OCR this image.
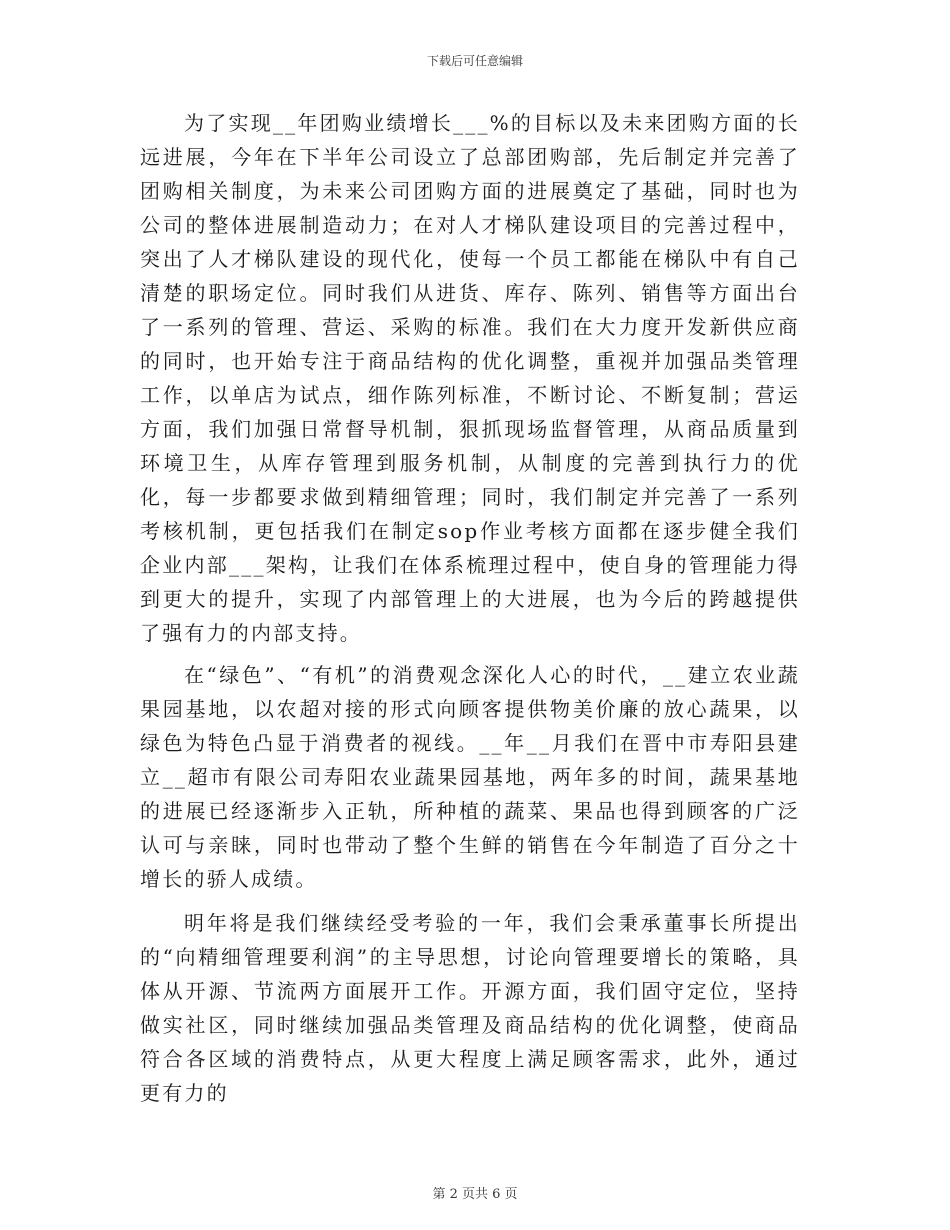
下载后可任意编辑

为了实现__年团购业绩增长___%的目标以及未来团购方面的长远进展，今年在下半年公司设立了总部团购部，先后制定并完善了团购相关制度，为未来公司团购方面的进展奠定了基础，同时也为公司的整体进展制造动力；在对人才梯队建设项目的完善过程中，突出了人才梯队建设的现代化，使每一个员工都能在梯队中有自己清楚的职场定位。同时我们从进货、库存、陈列、销售等方面出台了一系列的管理、营运、采购的标准。我们在大力度开发新供应商的同时，也开始专注于商品结构的优化调整，重视并加强品类管理工作，以单店为试点，细作陈列标准，不断讨论、不断复制；营运方面，我们加强日常督导机制，狠抓现场监督管理，从商品质量到环境卫生，从库存管理到服务机制，从制度的完善到执行力的优化，每一步都要求做到精细管理；同时，我们制定并完善了一系列考核机制，更包括我们在制定sop作业考核方面都在逐步健全我们企业内部___架构，让我们在体系梳理过程中，使自身的管理能力得到更大的提升，实现了内部管理上的大进展，也为今后的跨越提供了强有力的内部支持。

在“绿色”、“有机”的消费观念深化人心的时代，__建立农业蔬果园基地，以农超对接的形式向顾客提供物美价廉的放心蔬果，以绿色为特色凸显于消费者的视线。__年__月我们在晋中市寿阳县建立__超市有限公司寿阳农业蔬果园基地，两年多的时间，蔬果基地的进展已经逐渐步入正轨，所种植的蔬菜、果品也得到顾客的广泛认可与亲睐，同时也带动了整个生鲜的销售在今年制造了百分之十增长的骄人成绩。

明年将是我们继续经受考验的一年，我们会秉承董事长所提出的“向精细管理要利润”的主导思想，讨论向管理要增长的策略，具体从开源、节流两方面展开工作。开源方面，我们固守定位，坚持做实社区，同时继续加强品类管理及商品结构的优化调整，使商品符合各区域的消费特点，从更大程度上满足顾客需求，此外，通过更有力的

第 2 页共 6 页
